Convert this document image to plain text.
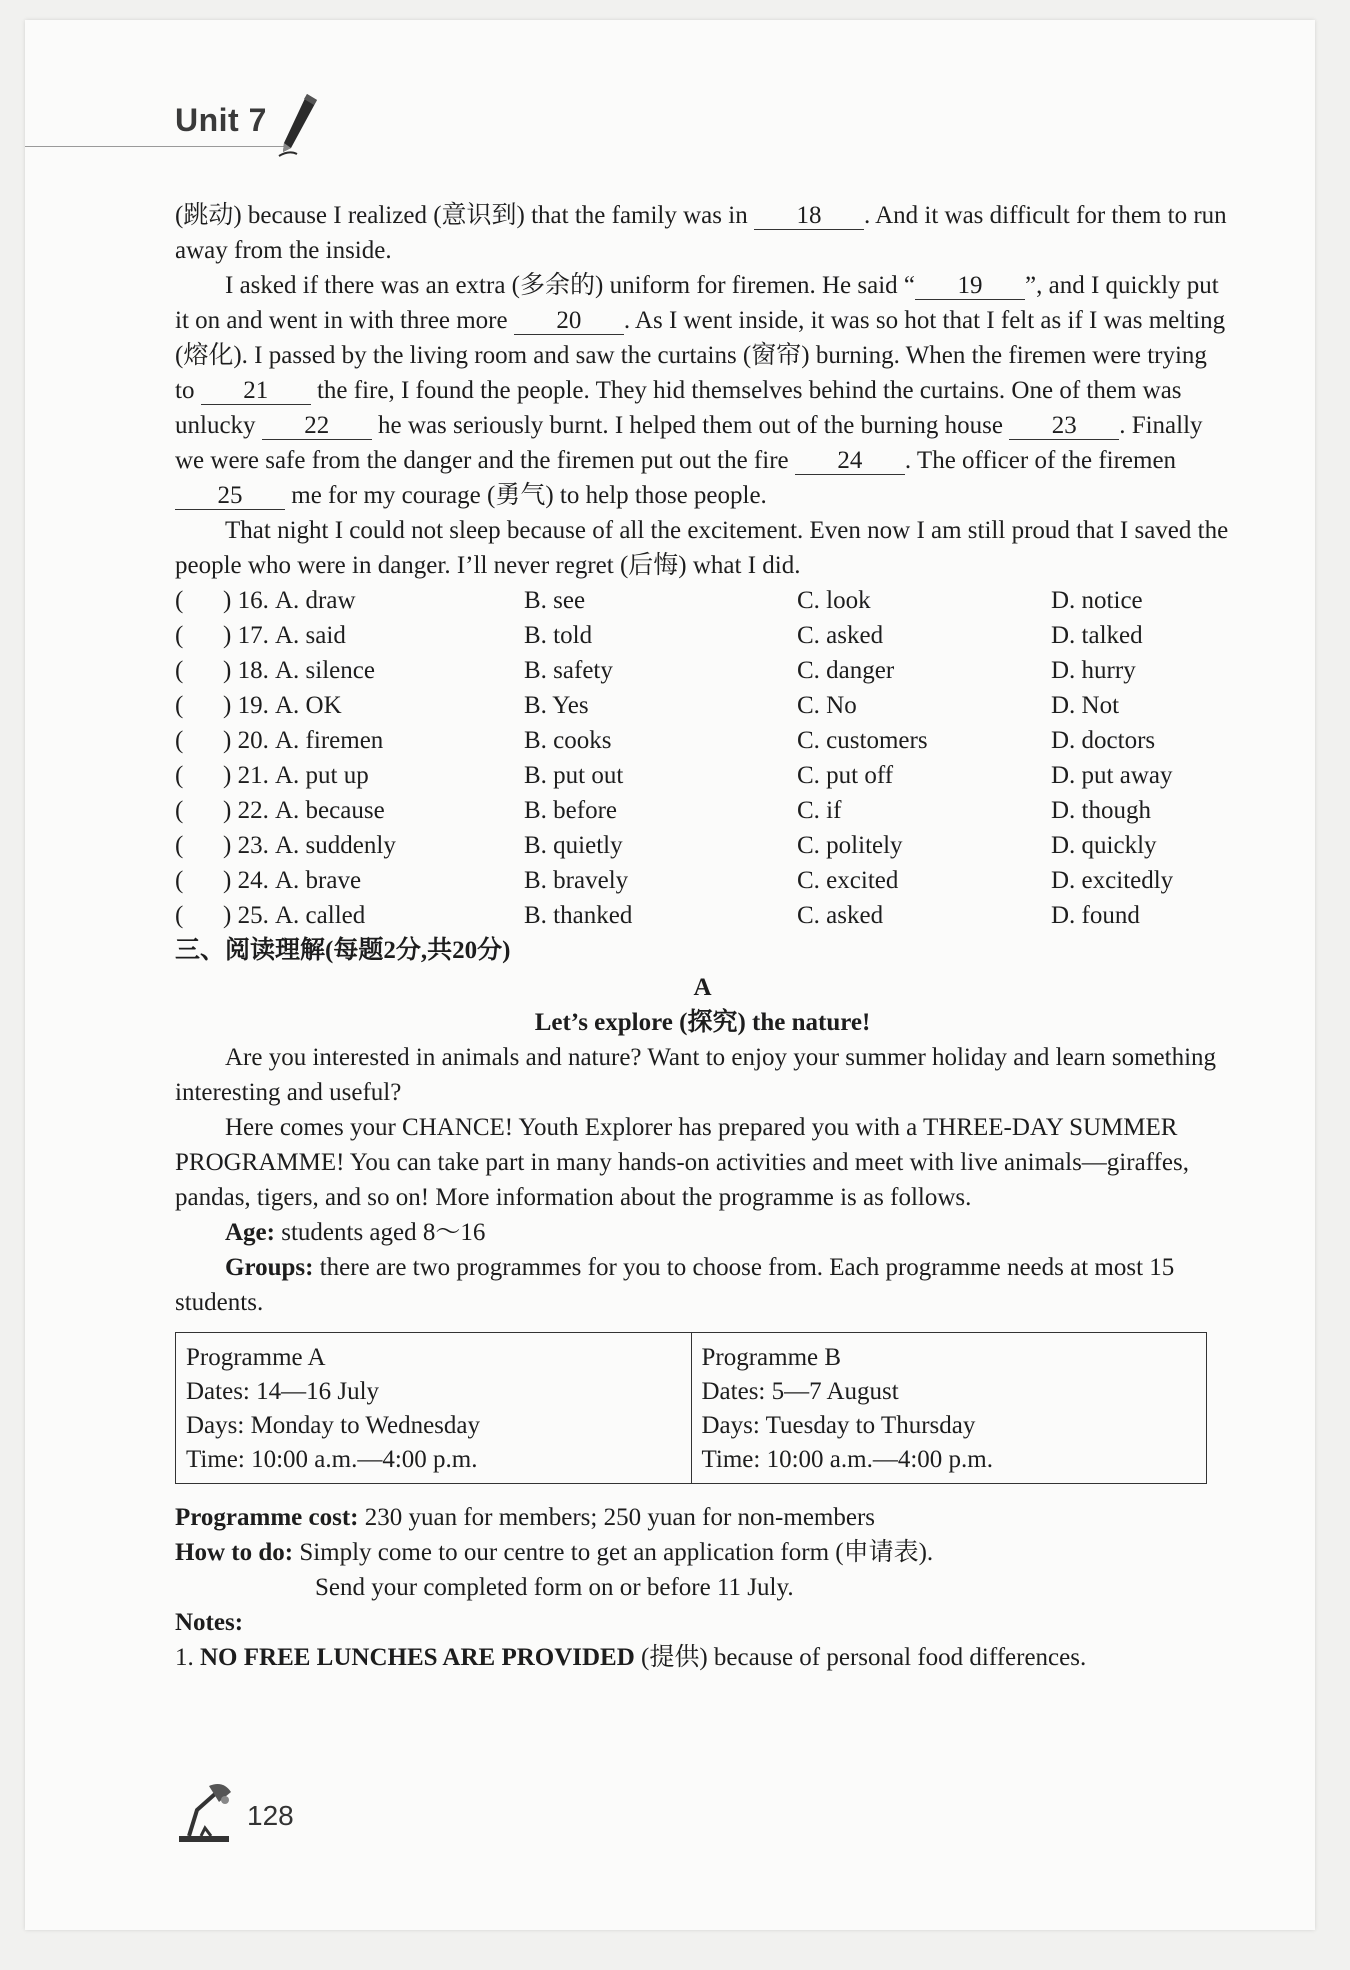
Unit 7

(跳动) because I realized (意识到) that the family was in 18 . And it was difficult for them to run away from the inside.

I asked if there was an extra (多余的) uniform for firemen. He said “ 19 ”, and I quickly put it on and went in with three more 20 . As I went inside, it was so hot that I felt as if I was melting (熔化). I passed by the living room and saw the curtains (窗帘) burning. When the firemen were trying to 21 the fire, I found the people. They hid themselves behind the curtains. One of them was unlucky 22 he was seriously burnt. I helped them out of the burning house 23 . Finally we were safe from the danger and the firemen put out the fire 24 . The officer of the firemen 25 me for my courage (勇气) to help those people.

That night I could not sleep because of all the excitement. Even now I am still proud that I saved the people who were in danger. I’ll never regret (后悔) what I did.

(	) 16. A. draw	B. see	C. look	D. notice
(	) 17. A. said	B. told	C. asked	D. talked
(	) 18. A. silence	B. safety	C. danger	D. hurry
(	) 19. A. OK	B. Yes	C. No	D. Not
(	) 20. A. firemen	B. cooks	C. customers	D. doctors
(	) 21. A. put up	B. put out	C. put off	D. put away
(	) 22. A. because	B. before	C. if	D. though
(	) 23. A. suddenly	B. quietly	C. politely	D. quickly
(	) 24. A. brave	B. bravely	C. excited	D. excitedly
(	) 25. A. called	B. thanked	C. asked	D. found

三、阅读理解(每题2分,共20分)

A

Let’s explore (探究) the nature!

Are you interested in animals and nature? Want to enjoy your summer holiday and learn something interesting and useful?

Here comes your CHANCE! Youth Explorer has prepared you with a THREE-DAY SUMMER PROGRAMME! You can take part in many hands-on activities and meet with live animals—giraffes, pandas, tigers, and so on! More information about the programme is as follows.

Age: students aged 8～16

Groups: there are two programmes for you to choose from. Each programme needs at most 15 students.

Programme A
Dates: 14—16 July
Days: Monday to Wednesday
Time: 10:00 a.m.—4:00 p.m.

Programme B
Dates: 5—7 August
Days: Tuesday to Thursday
Time: 10:00 a.m.—4:00 p.m.

Programme cost: 230 yuan for members; 250 yuan for non-members

How to do: Simply come to our centre to get an application form (申请表).

Send your completed form on or before 11 July.

Notes:

1. NO FREE LUNCHES ARE PROVIDED (提供) because of personal food differences.

128
